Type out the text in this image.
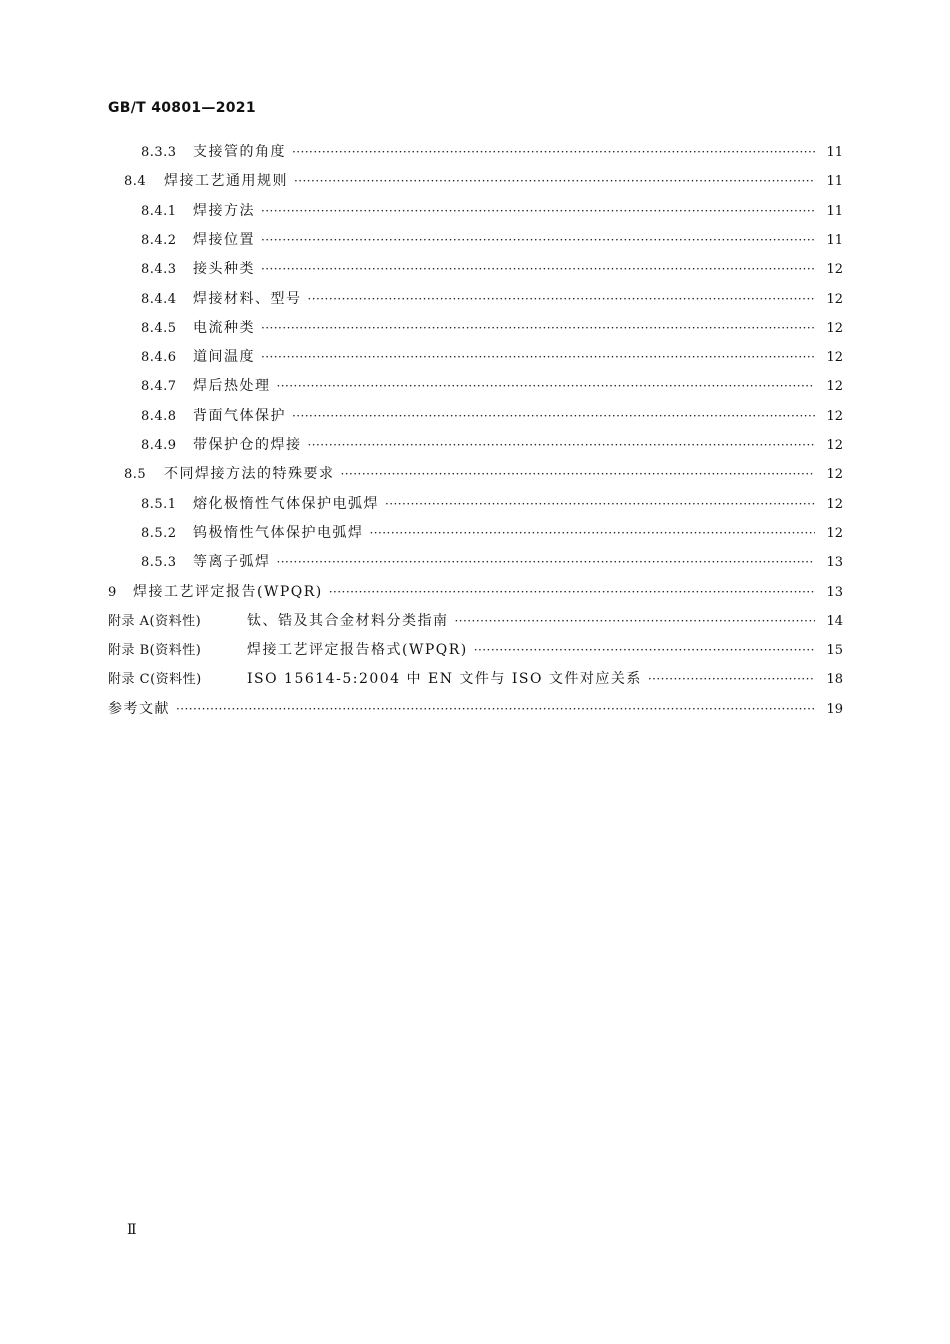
GB/T 40801—2021
8.3.3	支接管的角度 ·····	11
8.4	焊接工艺通用规则 ·····	11
8.4.1	焊接方法 ·····	11
8.4.2	焊接位置 ·····	11
8.4.3	接头种类 ·····	12
8.4.4	焊接材料、型号 ·····	12
8.4.5	电流种类 ·····	12
8.4.6	道间温度 ·····	12
8.4.7	焊后热处理 ·····	12
8.4.8	背面气体保护 ·····	12
8.4.9	带保护仓的焊接 ·····	12
8.5	不同焊接方法的特殊要求 ·····	12
8.5.1	熔化极惰性气体保护电弧焊 ·····	12
8.5.2	钨极惰性气体保护电弧焊 ·····	12
8.5.3	等离子弧焊 ·····	13
9	焊接工艺评定报告(WPQR) ·····	13
附录 A(资料性)	钛、锆及其合金材料分类指南 ·····	14
附录 B(资料性)	焊接工艺评定报告格式(WPQR) ·····	15
附录 C(资料性)	ISO 15614-5:2004 中 EN 文件与 ISO 文件对应关系 ·····	18
参考文献 ·····	19
Ⅱ
